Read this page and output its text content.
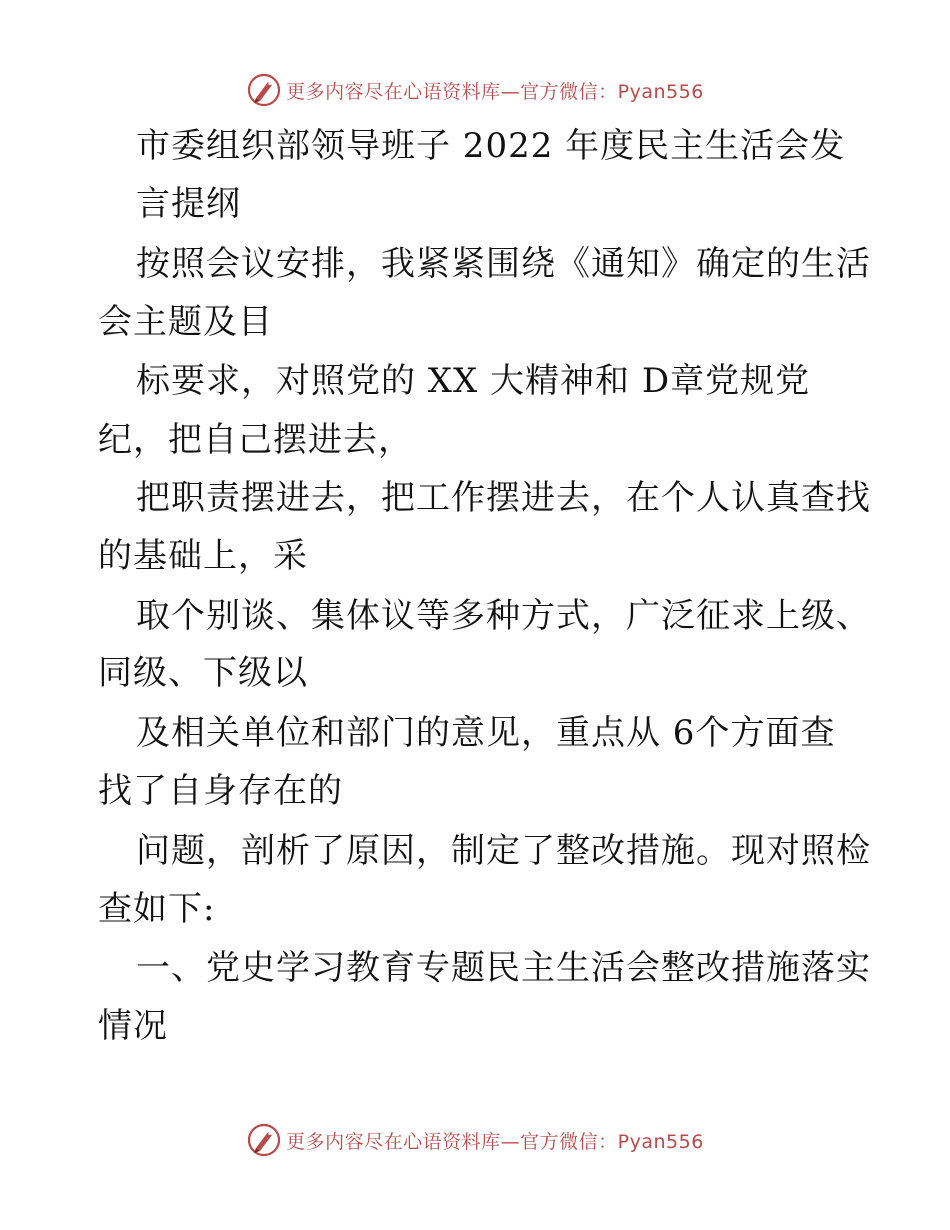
更多内容尽在心语资料库—官方微信：Pyan556
市委组织部领导班子 2022 年度民主生活会发
言提纲
按照会议安排，我紧紧围绕《通知》确定的生活
会主题及目
标要求，对照党的 XX 大精神和 D章党规党
纪，把自己摆进去，
把职责摆进去，把工作摆进去，在个人认真查找
的基础上，采
取个别谈、集体议等多种方式，广泛征求上级、
同级、下级以
及相关单位和部门的意见，重点从 6个方面查
找了自身存在的
问题，剖析了原因，制定了整改措施。现对照检
查如下:
一、党史学习教育专题民主生活会整改措施落实
情况
更多内容尽在心语资料库—官方微信：Pyan556
